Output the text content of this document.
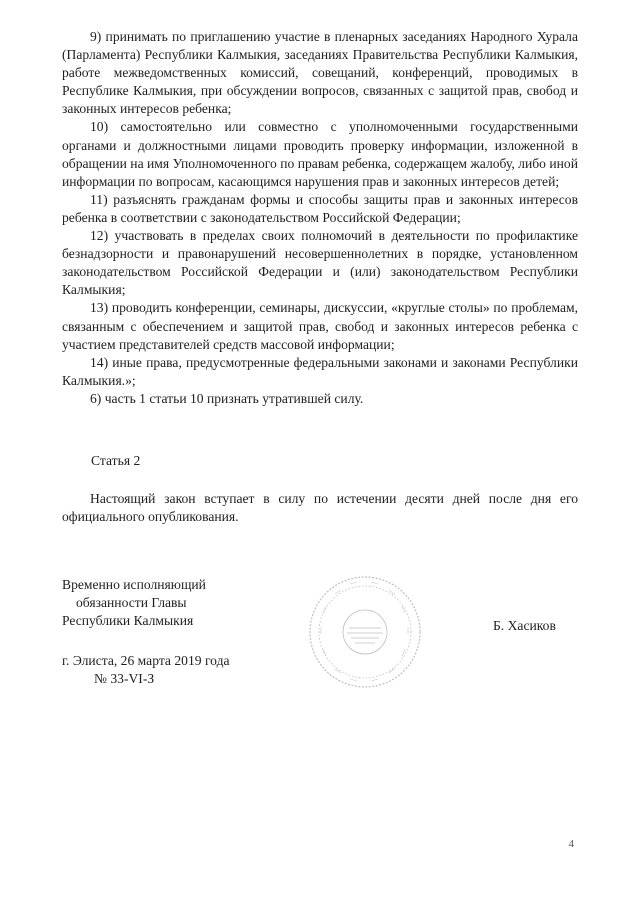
9) принимать по приглашению участие в пленарных заседаниях Народного Хурала (Парламента) Республики Калмыкия, заседаниях Правительства Республики Калмыкия, работе межведомственных комиссий, совещаний, конференций, проводимых в Республике Калмыкия, при обсуждении вопросов, связанных с защитой прав, свобод и законных интересов ребенка;

10) самостоятельно или совместно с уполномоченными государственными органами и должностными лицами проводить проверку информации, изложенной в обращении на имя Уполномоченного по правам ребенка, содержащем жалобу, либо иной информации по вопросам, касающимся нарушения прав и законных интересов детей;

11) разъяснять гражданам формы и способы защиты прав и законных интересов ребенка в соответствии с законодательством Российской Федерации;

12) участвовать в пределах своих полномочий в деятельности по профилактике безнадзорности и правонарушений несовершеннолетних в порядке, установленном законодательством Российской Федерации и (или) законодательством Республики Калмыкия;

13) проводить конференции, семинары, дискуссии, «круглые столы» по проблемам, связанным с обеспечением и защитой прав, свобод и законных интересов ребенка с участием представителей средств массовой информации;

14) иные права, предусмотренные федеральными законами и законами Республики Калмыкия.»;

6) часть 1 статьи 10 признать утратившей силу.

Статья 2

Настоящий закон вступает в силу по истечении десяти дней после дня его официального опубликования.

Временно исполняющий
обязанности Главы
Республики Калмыкия	Б. Хасиков
г. Элиста, 26 марта 2019 года
№ 33-VI-З
4
